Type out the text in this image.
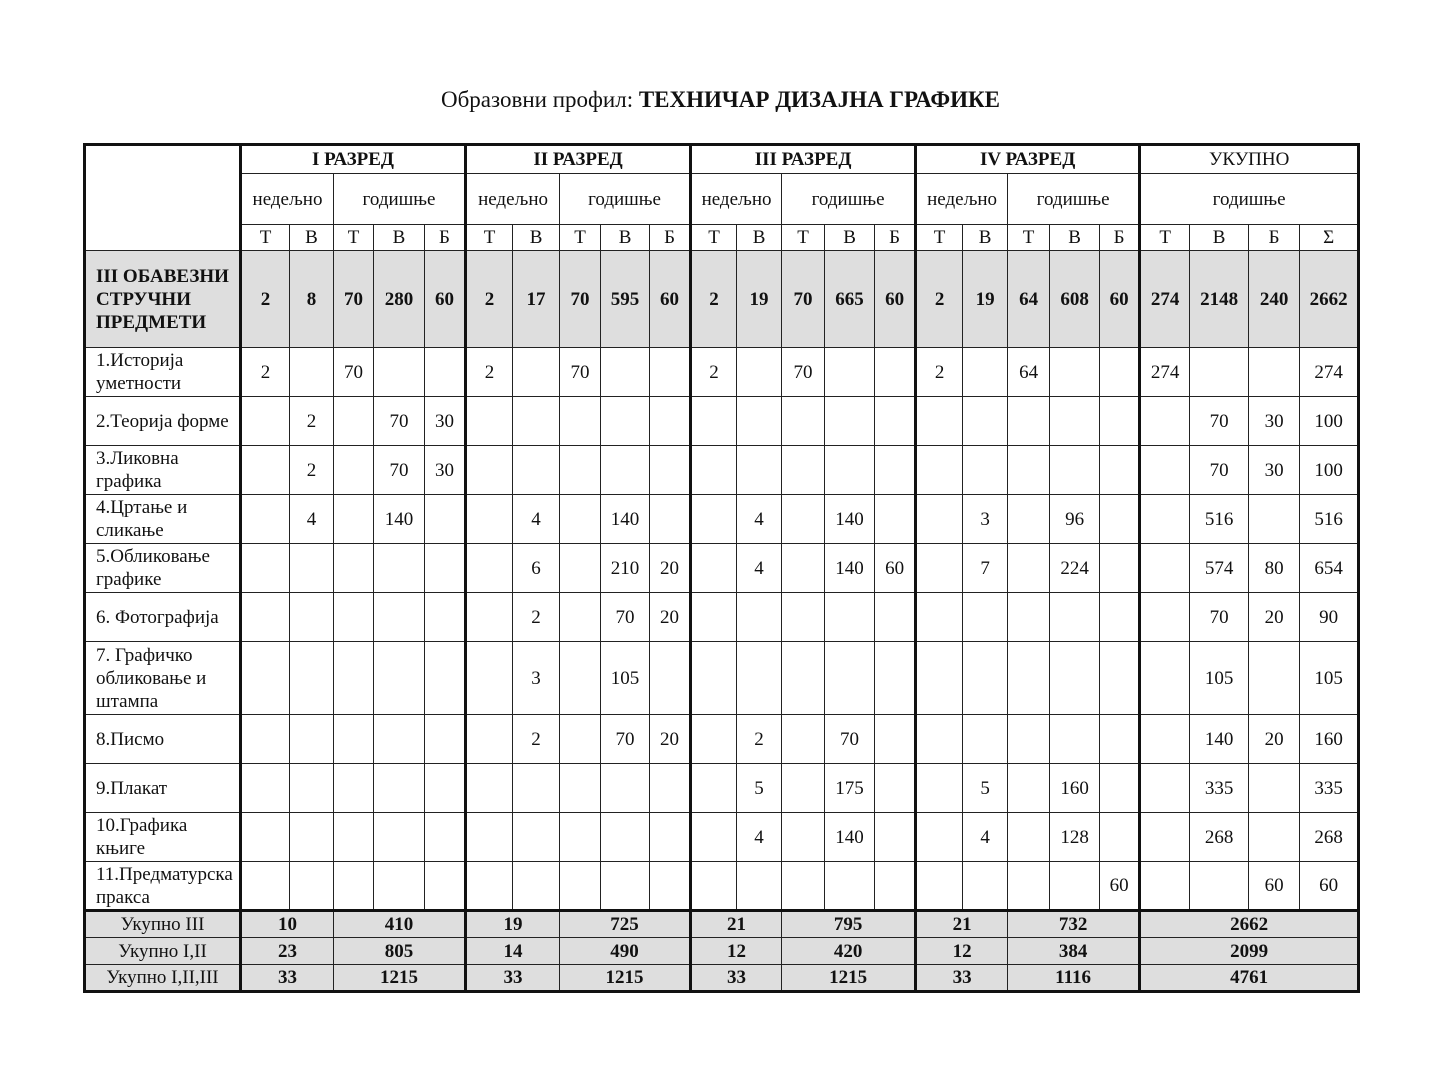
Образовни профил: ТЕХНИЧАР ДИЗАЈНА ГРАФИКЕ
	I РАЗРЕД					II РАЗРЕД					III РАЗРЕД					IV РАЗРЕД					УКУПНО			
	недељно		годишње			недељно		годишње			недељно		годишње			недељно		годишње			годишње			
	Т	В	Т	В	Б	Т	В	Т	В	Б	Т	В	Т	В	Б	Т	В	Т	В	Б	Т	В	Б	Σ
III ОБАВЕЗНИ СТРУЧНИ ПРЕДМЕТИ	2	8	70	280	60	2	17	70	595	60	2	19	70	665	60	2	19	64	608	60	274	2148	240	2662
1.Историја уметности	2		70			2		70			2		70			2		64			274			274
2.Теорија форме		2		70	30																	70	30	100
3.Ликовна графика		2		70	30																	70	30	100
4.Цртање и сликање		4		140			4		140			4		140			3		96			516		516
5.Обликовање графике							6		210	20		4		140	60		7		224			574	80	654
6. Фотографија							2		70	20												70	20	90
7. Графичко обликовање и штампа							3		105													105		105
8.Писмо							2		70	20		2		70								140	20	160
9.Плакат												5		175			5		160			335		335
10.Графика књиге												4		140			4		128			268		268
11.Предматурска пракса																				60			60	60
Укупно III	10		410			19		725			21		795			21		732			2662			
Укупно I,II	23		805			14		490			12		420			12		384			2099			
Укупно I,II,III	33		1215			33		1215			33		1215			33		1116			4761			
